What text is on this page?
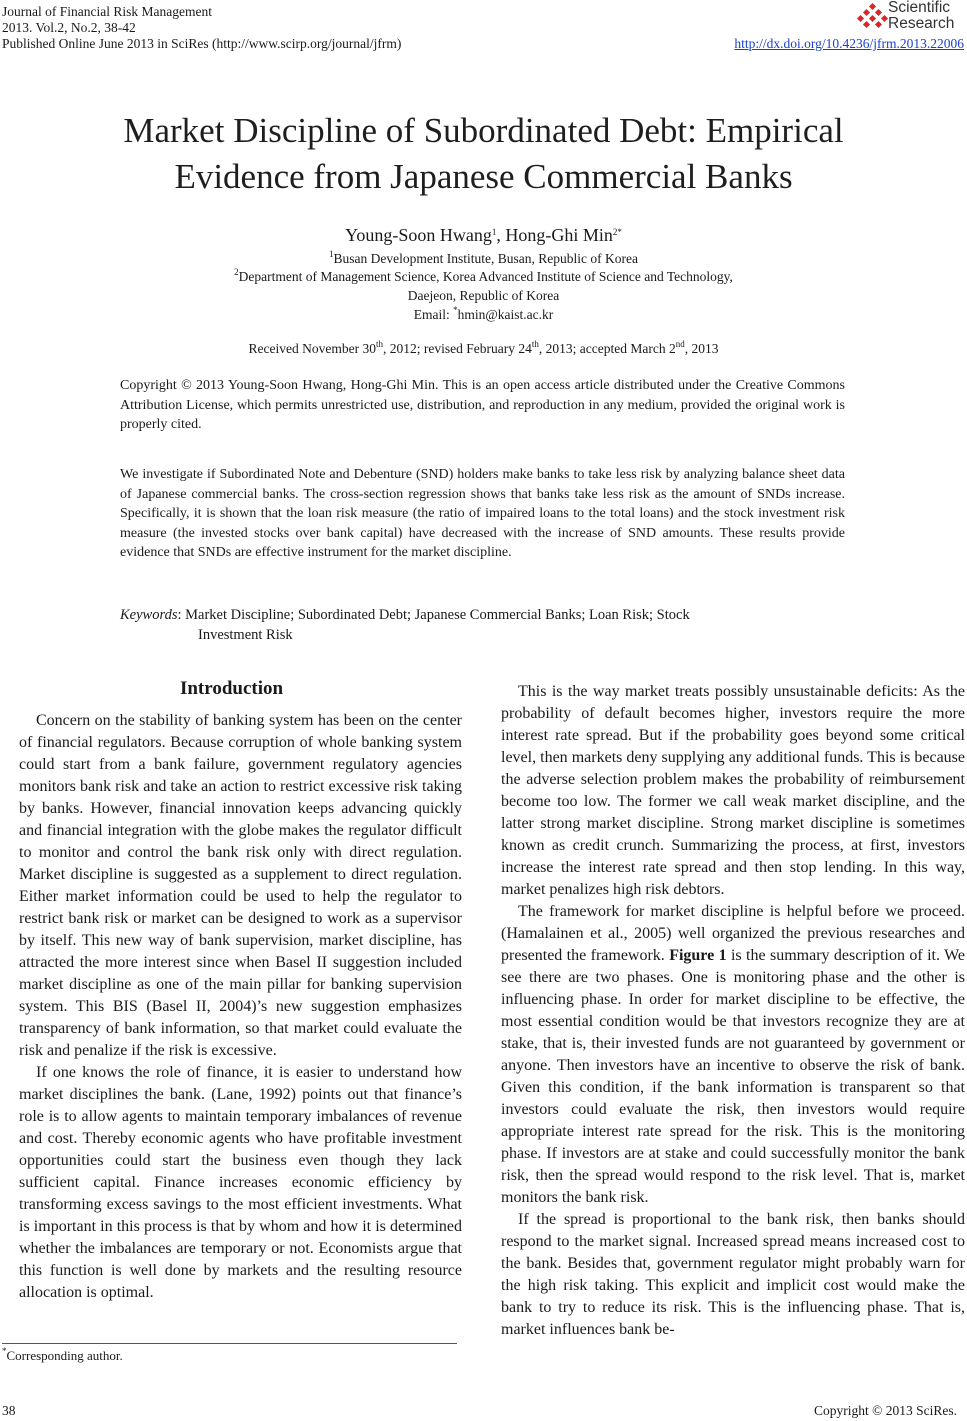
Journal of Financial Risk Management
2013. Vol.2, No.2, 38-42
Published Online June 2013 in SciRes (http://www.scirp.org/journal/jfrm)
Scientific
Research
http://dx.doi.org/10.4236/jfrm.2013.22006
Market Discipline of Subordinated Debt: Empirical
Evidence from Japanese Commercial Banks
Young-Soon Hwang$^1$, Hong-Ghi Min$^{2*}$
$^1$Busan Development Institute, Busan, Republic of Korea
$^2$Department of Management Science, Korea Advanced Institute of Science and Technology,
Daejeon, Republic of Korea
Email: *hmin@kaist.ac.kr
Received November 30th, 2012; revised February 24th, 2013; accepted March 2nd, 2013
Copyright © 2013 Young-Soon Hwang, Hong-Ghi Min. This is an open access article distributed under the Creative Commons Attribution License, which permits unrestricted use, distribution, and reproduction in any medium, provided the original work is properly cited.
We investigate if Subordinated Note and Debenture (SND) holders make banks to take less risk by analyzing balance sheet data of Japanese commercial banks. The cross-section regression shows that banks take less risk as the amount of SNDs increase. Specifically, it is shown that the loan risk measure (the ratio of impaired loans to the total loans) and the stock investment risk measure (the invested stocks over bank capital) have decreased with the increase of SND amounts. These results provide evidence that SNDs are effective instrument for the market discipline.
Keywords: Market Discipline; Subordinated Debt; Japanese Commercial Banks; Loan Risk; Stock
Investment Risk
Introduction

Concern on the stability of banking system has been on the center of financial regulators. Because corruption of whole banking system could start from a bank failure, government regulatory agencies monitors bank risk and take an action to restrict excessive risk taking by banks. However, financial innovation keeps advancing quickly and financial integration with the globe makes the regulator difficult to monitor and control the bank risk only with direct regulation. Market discipline is suggested as a supplement to direct regulation. Either market information could be used to help the regulator to restrict bank risk or market can be designed to work as a supervisor by itself. This new way of bank supervision, market discipline, has attracted the more interest since when Basel II suggestion included market discipline as one of the main pillar for banking supervision system. This BIS (Basel II, 2004)’s new suggestion emphasizes transparency of bank information, so that market could evaluate the risk and penalize if the risk is excessive.

If one knows the role of finance, it is easier to understand how market disciplines the bank. (Lane, 1992) points out that finance’s role is to allow agents to maintain temporary imbalances of revenue and cost. Thereby economic agents who have profitable investment opportunities could start the business even though they lack sufficient capital. Finance increases economic efficiency by transforming excess savings to the most efficient investments. What is important in this process is that by whom and how it is determined whether the imbalances are temporary or not. Economists argue that this function is well done by markets and the resulting resource allocation is optimal.

This is the way market treats possibly unsustainable deficits: As the probability of default becomes higher, investors require the more interest rate spread. But if the probability goes beyond some critical level, then markets deny supplying any additional funds. This is because the adverse selection problem makes the probability of reimbursement become too low. The former we call weak market discipline, and the latter strong market discipline. Strong market discipline is sometimes known as credit crunch. Summarizing the process, at first, investors increase the interest rate spread and then stop lending. In this way, market penalizes high risk debtors.

The framework for market discipline is helpful before we proceed. (Hamalainen et al., 2005) well organized the previous researches and presented the framework. Figure 1 is the summary description of it. We see there are two phases. One is monitoring phase and the other is influencing phase. In order for market discipline to be effective, the most essential condition would be that investors recognize they are at stake, that is, their invested funds are not guaranteed by government or anyone. Then investors have an incentive to observe the risk of bank. Given this condition, if the bank information is transparent so that investors could evaluate the risk, then investors would require appropriate interest rate spread for the risk. This is the monitoring phase. If investors are at stake and could successfully monitor the bank risk, then the spread would respond to the risk level. That is, market monitors the bank risk.

If the spread is proportional to the bank risk, then banks should respond to the market signal. Increased spread means increased cost to the bank. Besides that, government regulator might probably warn for the high risk taking. This explicit and implicit cost would make the bank to try to reduce its risk. This is the influencing phase. That is, market influences bank be-

*Corresponding author.
38	Copyright © 2013 SciRes.
